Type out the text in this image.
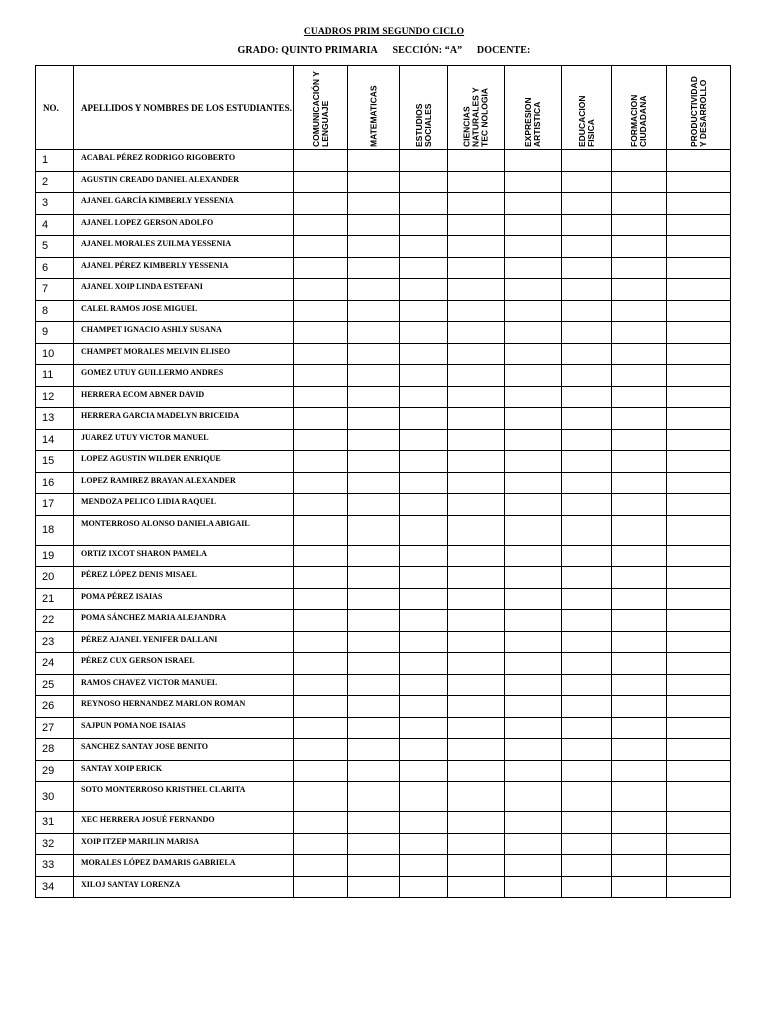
CUADROS PRIM SEGUNDO CICLO
GRADO: QUINTO PRIMARIA SECCIÓN: “A” DOCENTE:
NO.	APELLIDOS Y NOMBRES DE LOS ESTUDIANTES.	COMUNICACIÓN Y LENGUAJE	MATEMATICAS	ESTUDIOS SOCIALES	CIENCIAS NATURALES Y TEC NOLOGIA	EXPRESION ARTISTICA	EDUCACION FISICA	FORMACION CIUDADANA	PRODUCTIVIDAD Y DESARROLLO

1	ACABAL PÉREZ RODRIGO RIGOBERTO								
2	AGUSTIN CREADO DANIEL ALEXANDER								
3	AJANEL GARCÍA KIMBERLY YESSENIA								
4	AJANEL LOPEZ GERSON ADOLFO								
5	AJANEL MORALES ZUILMA YESSENIA								
6	AJANEL PÉREZ KIMBERLY YESSENIA								
7	AJANEL XOIP LINDA ESTEFANI								
8	CALEL RAMOS JOSE MIGUEL								
9	CHAMPET IGNACIO ASHLY SUSANA								
10	CHAMPET MORALES MELVIN ELISEO								
11	GOMEZ UTUY GUILLERMO ANDRES								
12	HERRERA ECOM ABNER DAVID								
13	HERRERA GARCIA MADELYN BRICEIDA								
14	JUAREZ UTUY VICTOR MANUEL								
15	LOPEZ AGUSTIN WILDER ENRIQUE								
16	LOPEZ RAMIREZ BRAYAN ALEXANDER								
17	MENDOZA PELICO LIDIA RAQUEL								
18	MONTERROSO ALONSO DANIELA ABIGAIL								
19	ORTIZ IXCOT SHARON PAMELA								
20	PÉREZ LÓPEZ DENIS MISAEL								
21	POMA PÉREZ ISAIAS								
22	POMA SÁNCHEZ MARIA ALEJANDRA								
23	PÉREZ AJANEL YENIFER DALLANI								
24	PÉREZ CUX GERSON ISRAEL								
25	RAMOS CHAVEZ VICTOR MANUEL								
26	REYNOSO HERNANDEZ MARLON ROMAN								
27	SAJPUN POMA NOE ISAIAS								
28	SANCHEZ SANTAY JOSE BENITO								
29	SANTAY XOIP ERICK								
30	SOTO MONTERROSO KRISTHEL CLARITA								
31	XEC HERRERA JOSUÉ FERNANDO								
32	XOIP ITZEP MARILIN MARISA								
33	MORALES LÓPEZ DAMARIS GABRIELA								
34	XILOJ SANTAY LORENZA								
